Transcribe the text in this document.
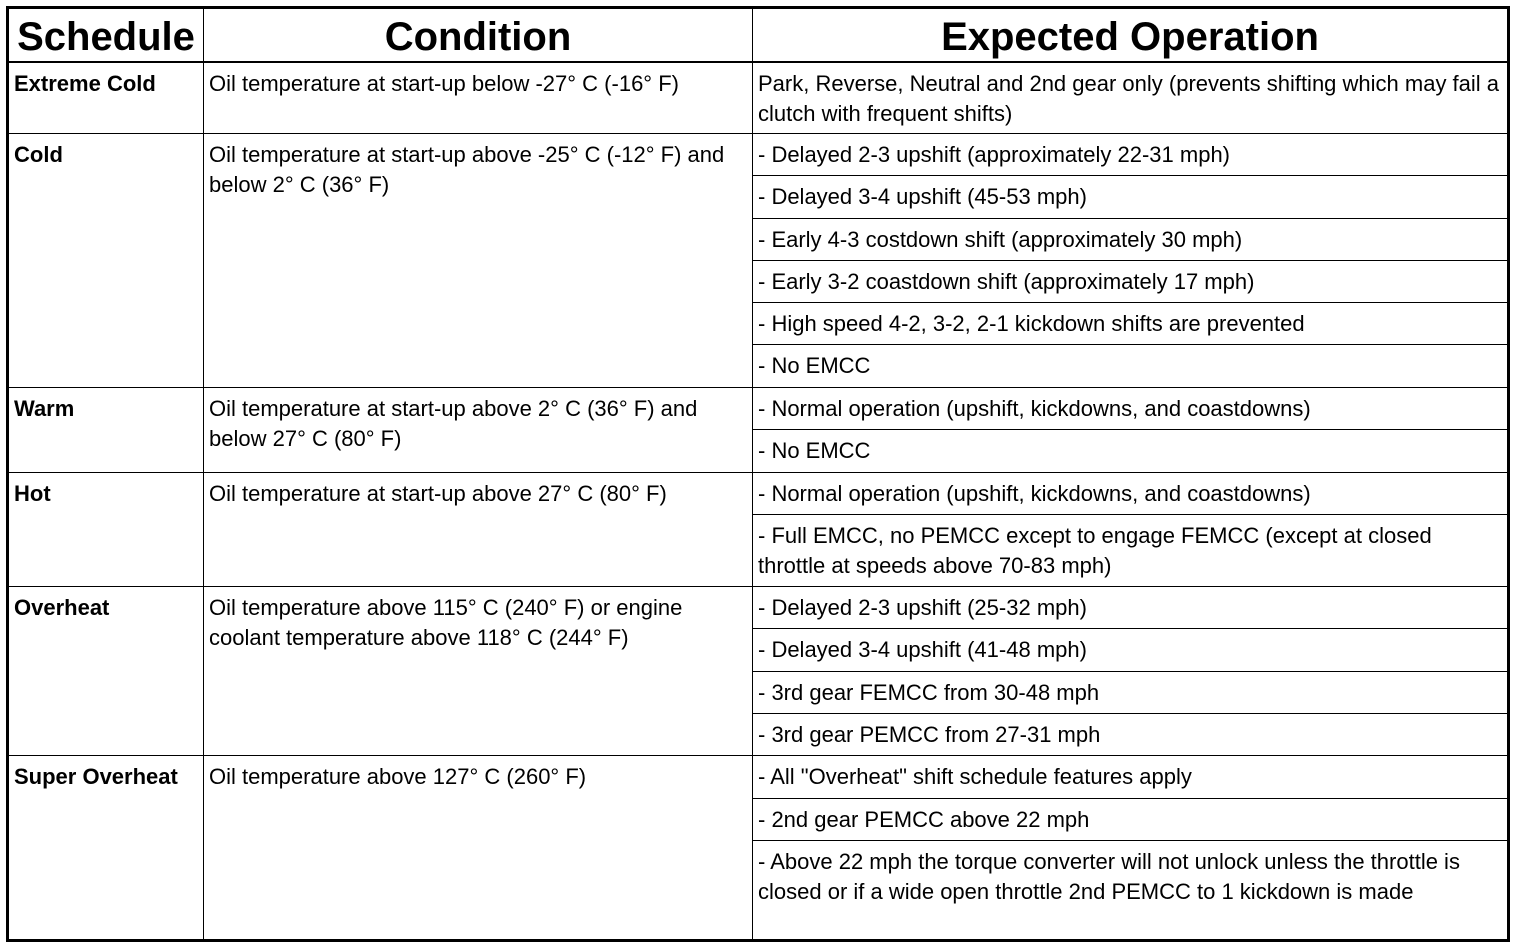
Schedule	Condition	Expected Operation
Extreme Cold	Oil temperature at start-up below -27° C (-16° F)	Park, Reverse, Neutral and 2nd gear only (prevents shifting which may fail a clutch with frequent shifts)
Cold	Oil temperature at start-up above -25° C (-12° F) and below 2° C (36° F)	- Delayed 2-3 upshift (approximately 22-31 mph)
		- Delayed 3-4 upshift (45-53 mph)
		- Early 4-3 costdown shift (approximately 30 mph)
		- Early 3-2 coastdown shift (approximately 17 mph)
		- High speed 4-2, 3-2, 2-1 kickdown shifts are prevented
		- No EMCC
Warm	Oil temperature at start-up above 2° C (36° F) and below 27° C (80° F)	- Normal operation (upshift, kickdowns, and coastdowns)
		- No EMCC
Hot	Oil temperature at start-up above 27° C (80° F)	- Normal operation (upshift, kickdowns, and coastdowns)
		- Full EMCC, no PEMCC except to engage FEMCC (except at closed throttle at speeds above 70-83 mph)
Overheat	Oil temperature above 115° C (240° F) or engine coolant temperature above 118° C (244° F)	- Delayed 2-3 upshift (25-32 mph)
		- Delayed 3-4 upshift (41-48 mph)
		- 3rd gear FEMCC from 30-48 mph
		- 3rd gear PEMCC from 27-31 mph
Super Overheat	Oil temperature above 127° C (260° F)	- All "Overheat" shift schedule features apply
		- 2nd gear PEMCC above 22 mph
		- Above 22 mph the torque converter will not unlock unless the throttle is closed or if a wide open throttle 2nd PEMCC to 1 kickdown is made
